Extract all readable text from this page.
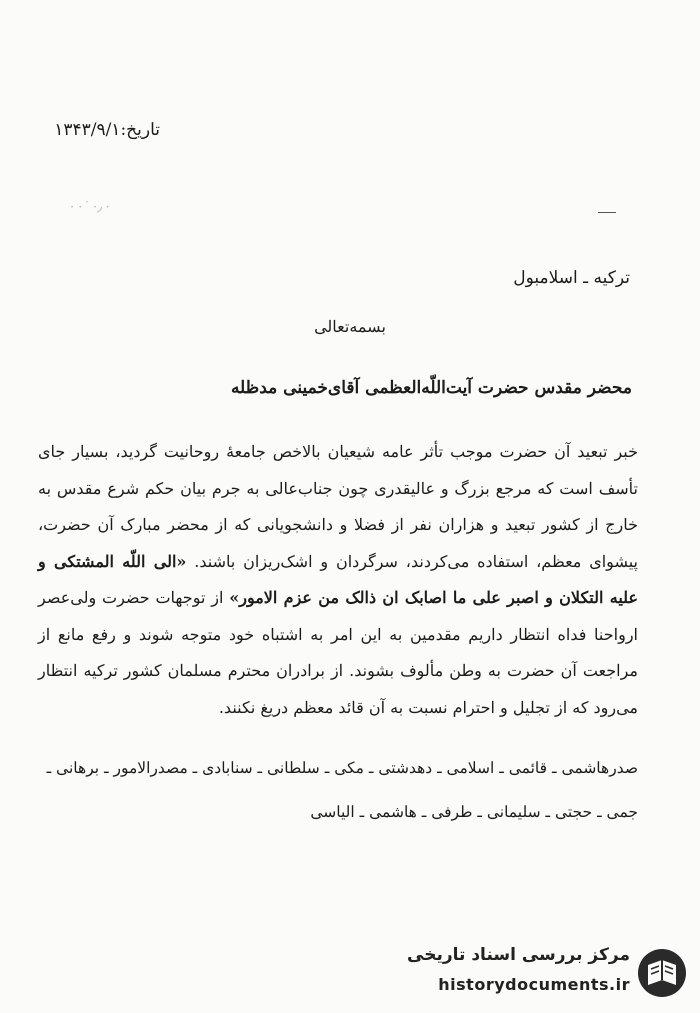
تاریخ:۱۳۴۳/۹/۱
· ·˙ ·٫ ·
ترکیه ـ اسلامبول
بسمه‌تعالی
محضر مقدس حضرت آیت‌اللّه‌العظمی آقای‌خمینی مدظله
خبر تبعید آن حضرت موجب تأثر عامه شیعیان بالاخص جامعهٔ روحانیت گردید، بسیار جای تأسف است که مرجع بزرگ و عالیقدری چون جناب‌عالی به جرم بیان حکم شرع مقدس به خارج از کشور تبعید و هزاران نفر از فضلا و دانشجویانی که از محضر مبارک آن حضرت، پیشوای معظم، استفاده می‌کردند، سرگردان و اشک‌ریزان باشند. «الی اللّه المشتکی و علیه التکلان و اصبر علی ما اصابک ان ذالک من عزم الامور» از توجهات حضرت ولی‌عصر ارواحنا فداه انتظار داریم مقدمین به این امر به اشتباه خود متوجه شوند و رفع مانع از مراجعت آن حضرت به وطن مألوف بشوند. از برادران محترم مسلمان کشور ترکیه انتظار می‌رود که از تجلیل و احترام نسبت به آن قائد معظم دریغ نکنند.
صدرهاشمی ـ قائمی ـ اسلامی ـ دهدشتی ـ مکی ـ سلطانی ـ سنابادی ـ مصدرالامور ـ برهانی ـ جمی ـ حجتی ـ سلیمانی ـ طرفی ـ هاشمی ـ الیاسی
مرکز بررسی اسناد تاریخی
historydocuments.ir
